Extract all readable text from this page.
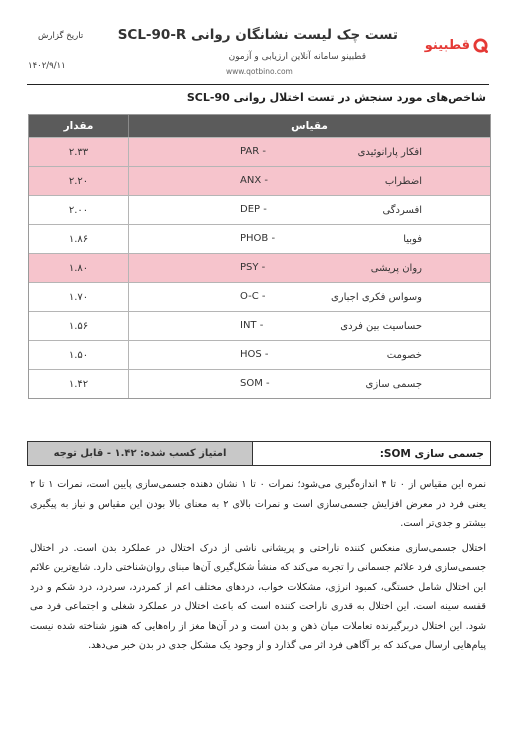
تاریخ گزارش
۱۴۰۲/۹/۱۱
تست چک لیست نشانگان روانی SCL-90-R
قطبینو سامانه آنلاین ارزیابی و آزمون
www.qotbino.com
قطبینو
شاخص‌های مورد سنجش در تست اختلال روانی SCL-90
مقیاس
مقدار
افکار پارانوئیدی
PAR -
۲.۳۳
اضطراب
ANX -
۲.۲۰
افسردگی
DEP -
۲.۰۰
فوبیا
PHOB -
۱.۸۶
روان پریشی
PSY -
۱.۸۰
وسواس فکری اجباری
O-C -
۱.۷۰
حساسیت بین فردی
INT -
۱.۵۶
خصومت
HOS -
۱.۵۰
جسمی سازی
SOM -
۱.۴۲
جسمی سازی SOM:
امتیاز کسب شده: ۱.۴۲ - قابل توجه

نمره این مقیاس از ۰ تا ۴ اندازه‌گیری می‌شود؛ نمرات ۰ تا ۱ نشان دهنده جسمی‌سازی پایین است، نمرات ۱ تا ۲ یعنی فرد در معرض افزایش جسمی‌سازی است و نمرات بالای ۲ به معنای بالا بودن این مقیاس و نیاز به پیگیری بیشتر و جدی‌تر است.

اختلال جسمی‌سازی منعکس کننده ناراحتی و پریشانی ناشی از درک اختلال در عملکرد بدن است. در اختلال جسمی‌سازی فرد علائم جسمانی را تجربه می‌کند که منشأ شکل‌گیری آن‌ها مبنای روان‌شناختی دارد. شایع‌ترین علائم این اختلال شامل خستگی، کمبود انرژی، مشکلات خواب، دردهای مختلف اعم از کمردرد، سردرد، درد شکم و درد قفسه سینه است. این اختلال به قدری ناراحت کننده است که باعث اختلال در عملکرد شغلی و اجتماعی فرد می شود. این اختلال دربرگیرنده تعاملات میان ذهن و بدن است و در آن‌ها مغز از راه‌هایی که هنوز شناخته شده نیست پیام‌هایی ارسال می‌کند که بر آگاهی فرد اثر می گذارد و از وجود یک مشکل جدی در بدن خبر می‌دهد.
